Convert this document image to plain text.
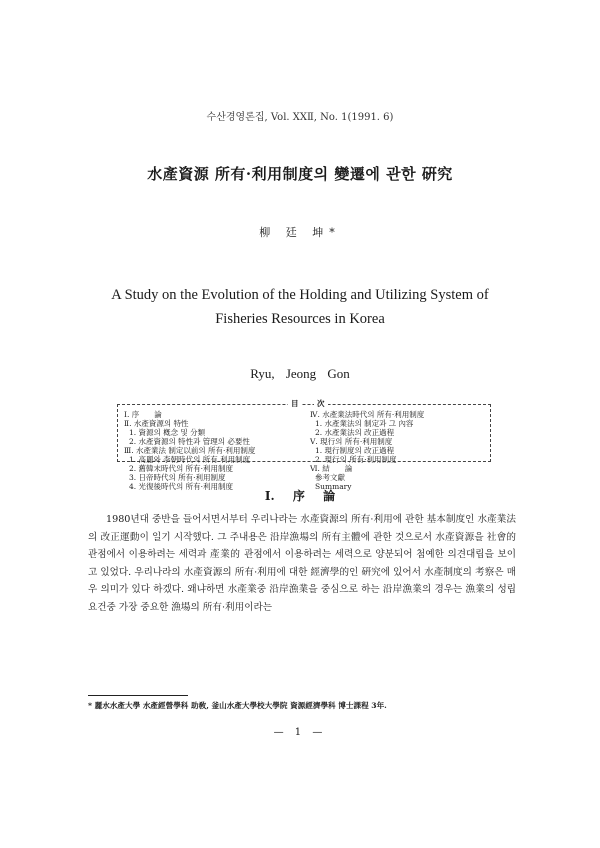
수산경영론집, Vol. XXⅡ, No. 1(1991. 6)
水產資源 所有·利用制度의 變遷에 관한 硏究
柳 廷 坤*
A Study on the Evolution of the Holding and Utilizing System of
Fisheries Resources in Korea
Ryu, Jeong Gon
目	次
Ⅰ. 序　　論
Ⅱ. 水產資源의 特性
1. 資源의 槪念 및 分類
2. 水產資源의 特性과 管理의 必要性
Ⅲ. 水產業法 制定以前의 所有·利用制度
1. 高麗와 李朝時代의 所有 利用制度
2. 舊韓末時代의 所有·利用制度
3. 日帝時代의 所有·利用制度
4. 光復後時代의 所有·利用制度
Ⅳ. 水產業法時代의 所有·利用制度
1. 水產業法의 制定과 그 內容
2. 水產業法의 改正過程
Ⅴ. 現行의 所有·利用制度
1. 現行制度의 改正過程
2. 現行의 所有·利用制度
Ⅵ. 結　　論
參考文獻
Summary
Ⅰ. 序 論
1980년대 중반을 들어서면서부터 우리나라는 水產資源의 所有·利用에 관한 基本制度인 水產業法의 改正運動이 일기 시작했다. 그 주내용은 沿岸漁場의 所有主體에 관한 것으로서 水產資源을 社會的 관점에서 이용하려는 세력과 產業的 관점에서 이용하려는 세력으로 양분되어 첨예한 의견대립을 보이고 있었다. 우리나라의 水產資源의 所有·利用에 대한 經濟學的인 硏究에 있어서 水產制度의 考察은 매우 의미가 있다 하겠다. 왜냐하면 水產業중 沿岸漁業을 중심으로 하는 沿岸漁業의 경우는 漁業의 성립요건중 가장 중요한 漁場의 所有·利用이라는
* 麗水水產大學 水產經營學科 助敎, 釜山水產大學校大學院 資源經濟學科 博士課程 3年.
— 1 —
